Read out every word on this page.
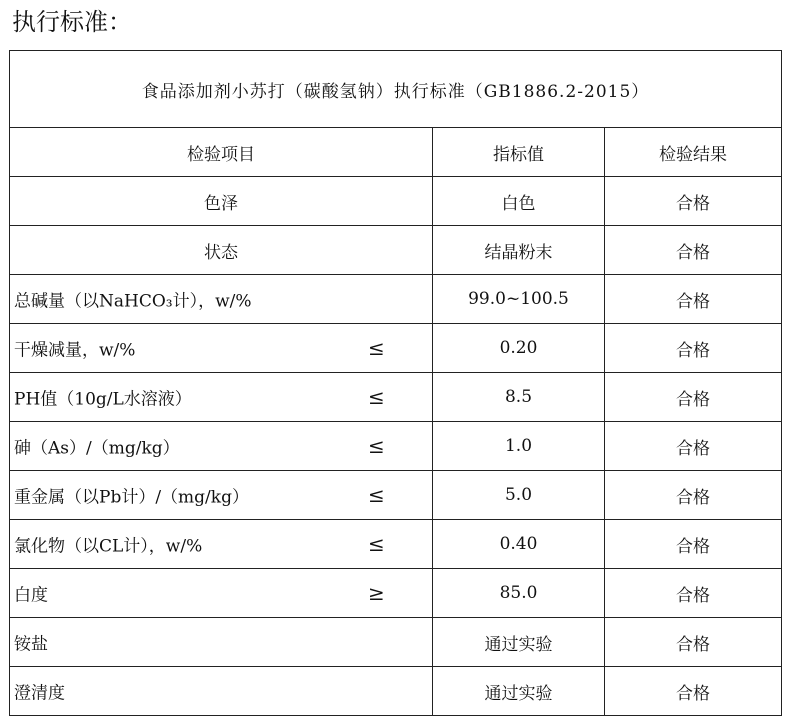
执行标准：
食品添加剂小苏打（碳酸氢钠）执行标准（GB1886.2-2015）		
检验项目	指标值	检验结果
色泽	白色	合格
状态	结晶粉末	合格

总碱量（以NaHCO₃计），w/%	99.0~100.5	合格

干燥减量，w/% ≤	0.20	合格

PH值（10g/L水溶液） ≤	8.5	合格

砷（As）/（mg/kg） ≤	1.0	合格

重金属（以Pb计）/（mg/kg） ≤	5.0	合格

氯化物（以CL计），w/% ≤	0.40	合格

白度 ≥	85.0	合格

铵盐	通过实验	合格

澄清度	通过实验	合格
